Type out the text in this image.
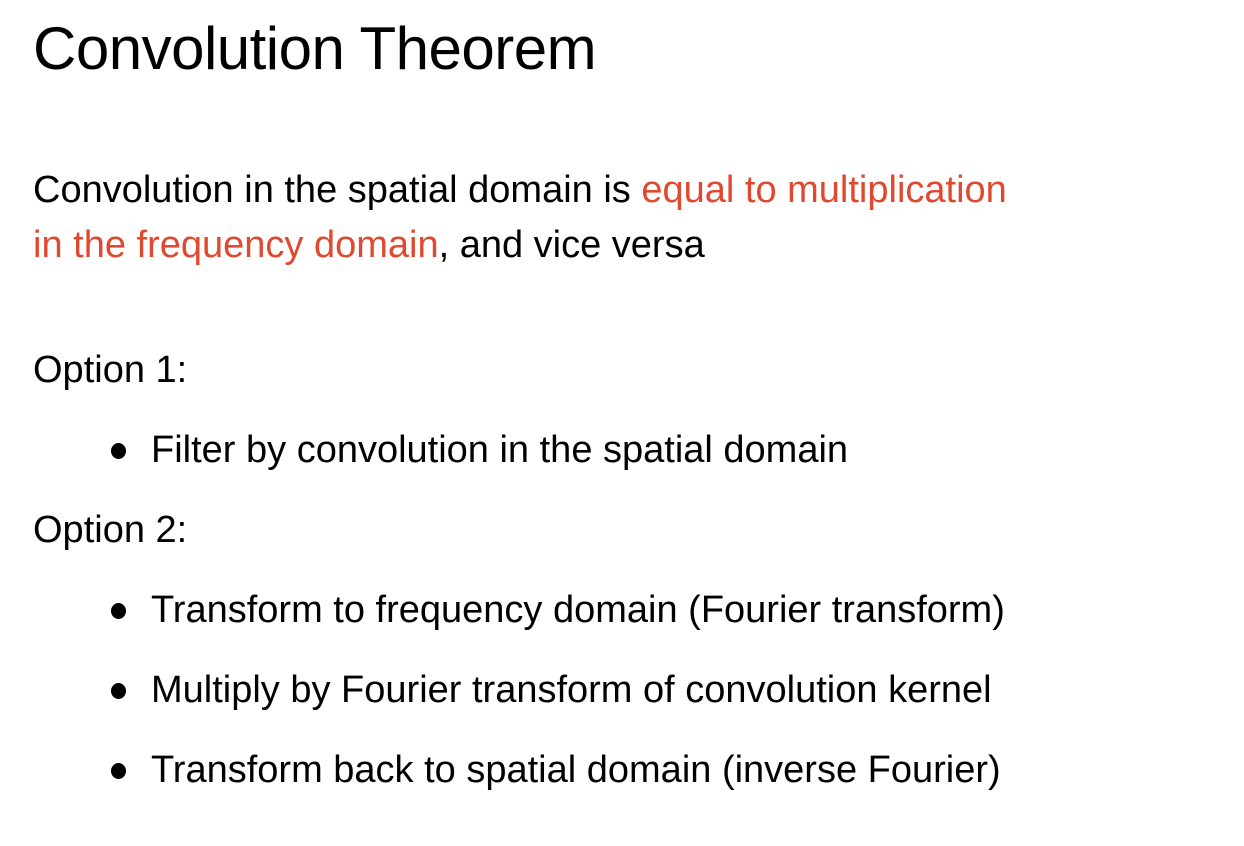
Convolution Theorem

Convolution in the spatial domain is equal to multiplication
in the frequency domain, and vice versa

Option 1:
Filter by convolution in the spatial domain
Option 2:
Transform to frequency domain (Fourier transform)
Multiply by Fourier transform of convolution kernel
Transform back to spatial domain (inverse Fourier)
